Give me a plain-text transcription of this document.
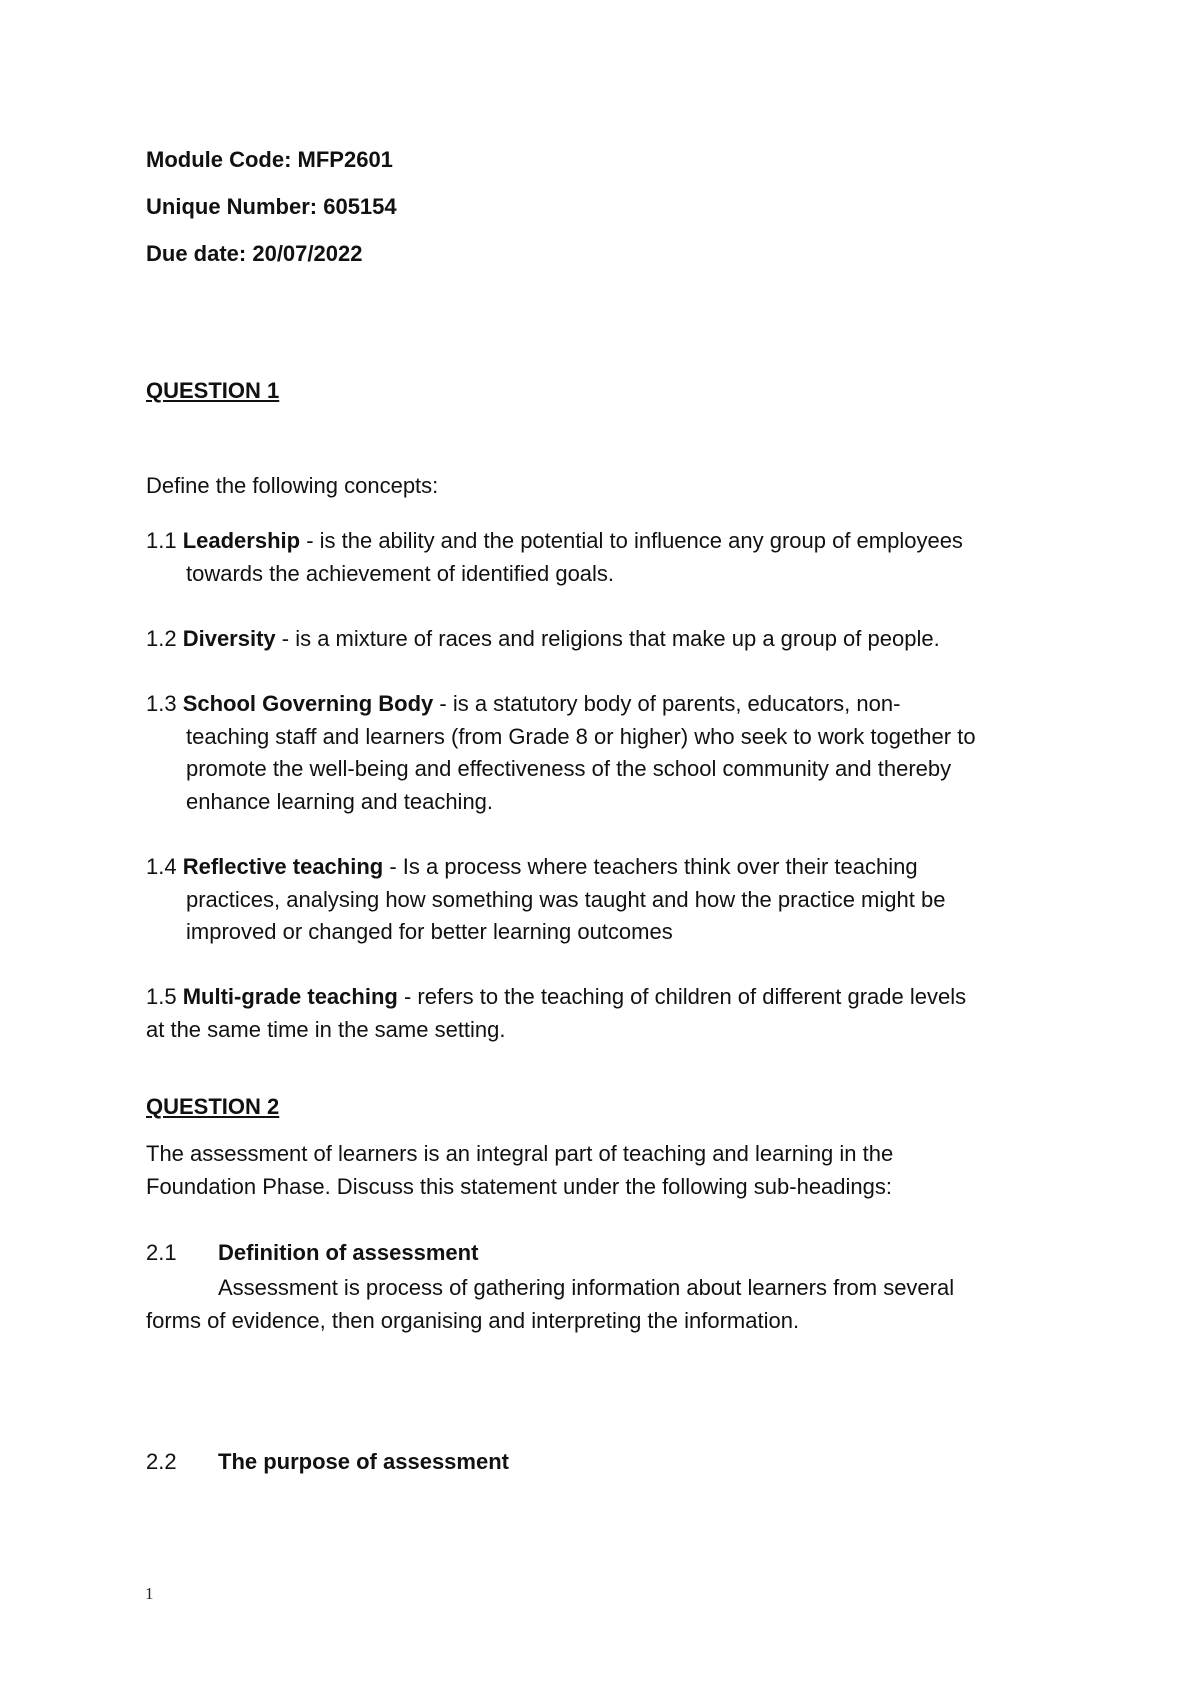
Module Code: MFP2601
Unique Number: 605154
Due date: 20/07/2022
QUESTION 1
Define the following concepts:
1.1 Leadership - is the ability and the potential to influence any group of employees
towards the achievement of identified goals.
1.2 Diversity - is a mixture of races and religions that make up a group of people.
1.3 School Governing Body - is a statutory body of parents, educators, non-
teaching staff and learners (from Grade 8 or higher) who seek to work together to
promote the well-being and effectiveness of the school community and thereby
enhance learning and teaching.
1.4 Reflective teaching - Is a process where teachers think over their teaching
practices, analysing how something was taught and how the practice might be
improved or changed for better learning outcomes
1.5 Multi-grade teaching - refers to the teaching of children of different grade levels
at the same time in the same setting.
QUESTION 2
The assessment of learners is an integral part of teaching and learning in the
Foundation Phase. Discuss this statement under the following sub-headings:
2.1 Definition of assessment
Assessment is process of gathering information about learners from several
forms of evidence, then organising and interpreting the information.
2.2 The purpose of assessment
1
